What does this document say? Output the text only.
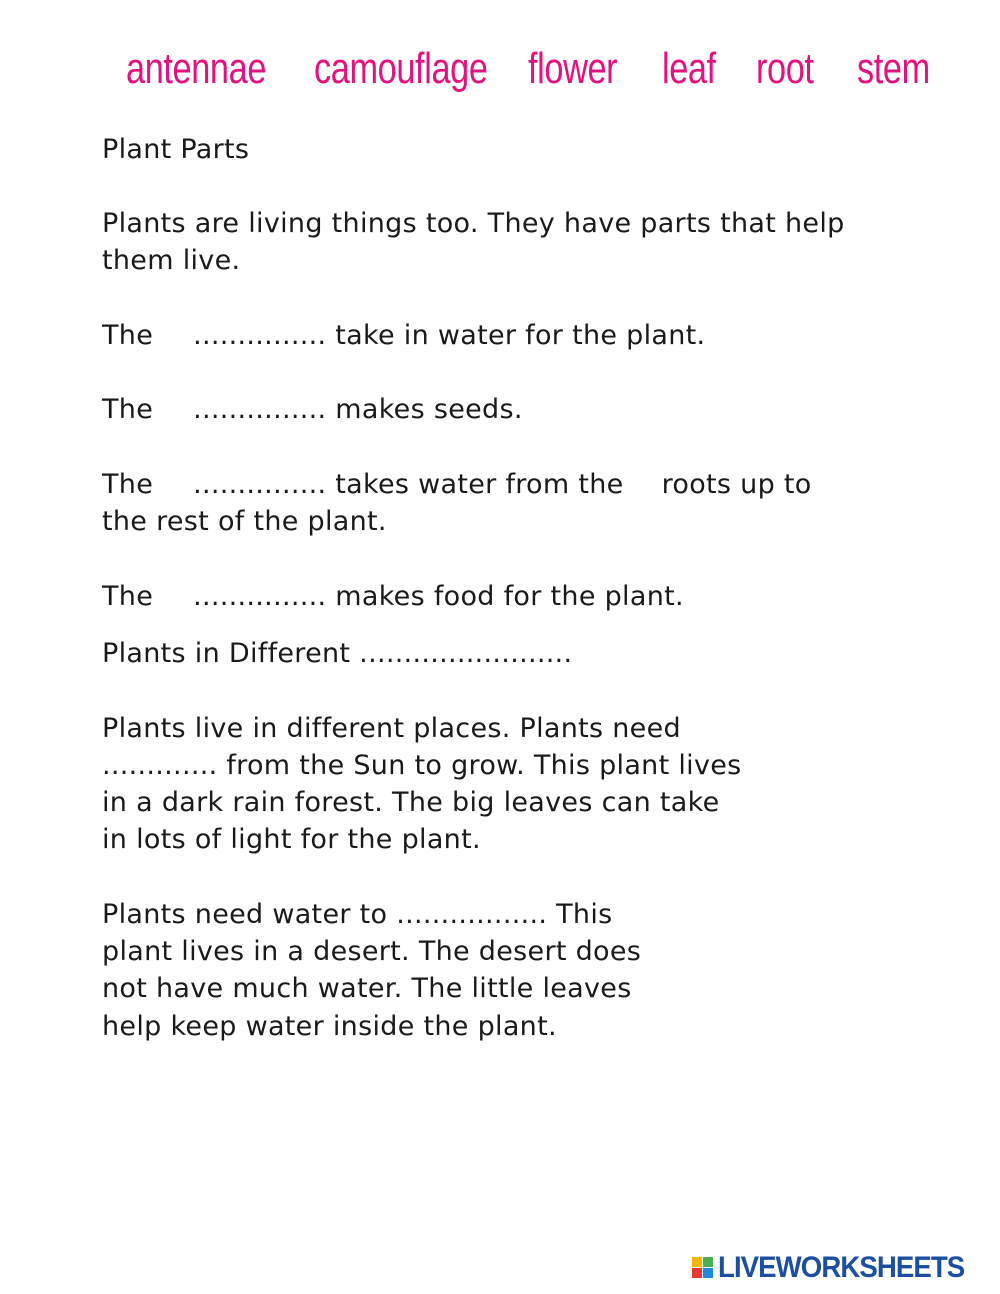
antennae camouflage flower leaf root stem
Plant Parts
Plants are living things too. They have parts that help
them live.
The ............... take in water for the plant.
The ............... makes seeds.
The ............... takes water from the roots up to
the rest of the plant.
The ............... makes food for the plant.
Plants in Different ........................
Plants live in different places. Plants need
............. from the Sun to grow. This plant lives
in a dark rain forest. The big leaves can take
in lots of light for the plant.
Plants need water to ................. This
plant lives in a desert. The desert does
not have much water. The little leaves
help keep water inside the plant.
LIVEWORKSHEETS
